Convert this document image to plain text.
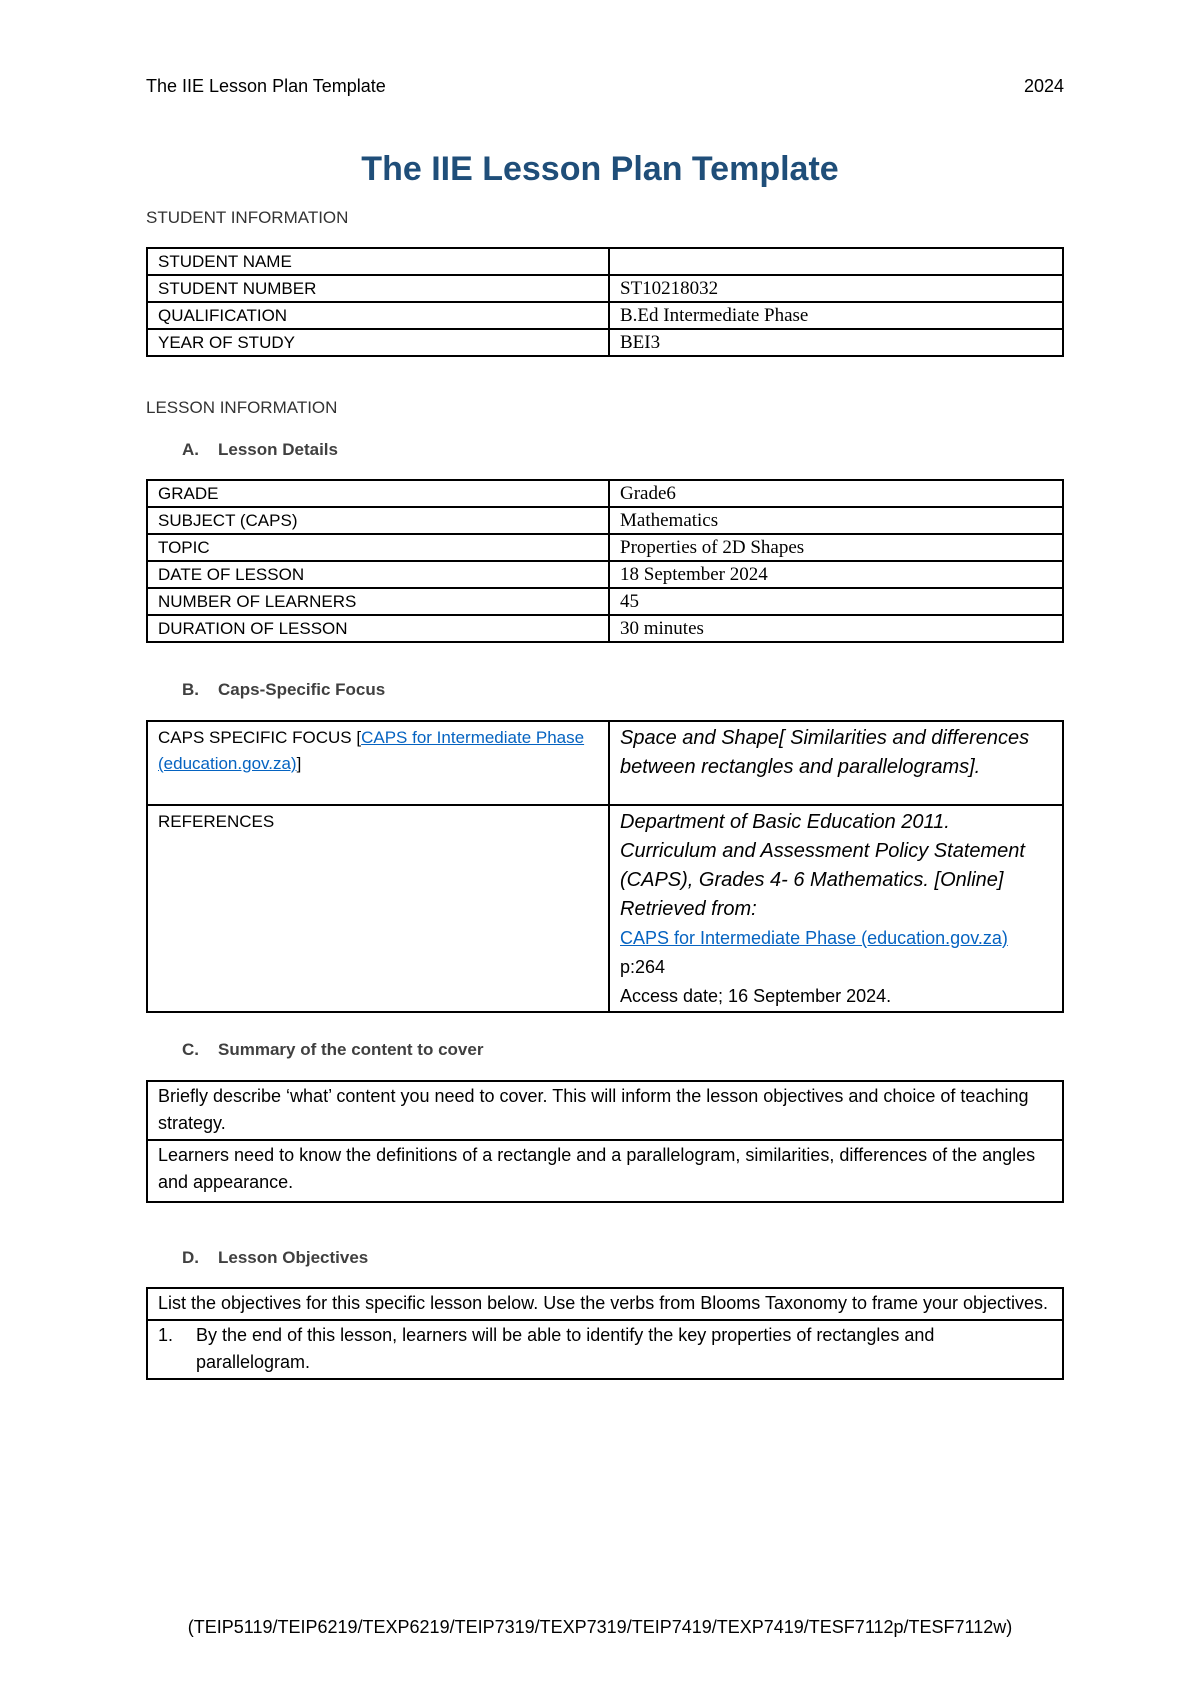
The IIE Lesson Plan Template	2024
The IIE Lesson Plan Template
STUDENT INFORMATION
STUDENT NAME	
STUDENT NUMBER	ST10218032
QUALIFICATION	B.Ed Intermediate Phase
YEAR OF STUDY	BEI3
LESSON INFORMATION
A. Lesson Details
GRADE	Grade6
SUBJECT (CAPS)	Mathematics
TOPIC	Properties of 2D Shapes
DATE OF LESSON	18 September 2024
NUMBER OF LEARNERS	45
DURATION OF LESSON	30 minutes
B. Caps-Specific Focus
CAPS SPECIFIC FOCUS [CAPS for Intermediate Phase (education.gov.za)]	Space and Shape[ Similarities and differences between rectangles and parallelograms].
REFERENCES	Department of Basic Education 2011. Curriculum and Assessment Policy Statement (CAPS), Grades 4- 6 Mathematics. [Online] Retrieved from:
CAPS for Intermediate Phase (education.gov.za) p:264
Access date; 16 September 2024.
C. Summary of the content to cover
Briefly describe ‘what’ content you need to cover. This will inform the lesson objectives and choice of teaching strategy.
Learners need to know the definitions of a rectangle and a parallelogram, similarities, differences of the angles and appearance.
D. Lesson Objectives
List the objectives for this specific lesson below. Use the verbs from Blooms Taxonomy to frame your objectives.

1.	By the end of this lesson, learners will be able to identify the key properties of rectangles and parallelogram.
(TEIP5119/TEIP6219/TEXP6219/TEIP7319/TEXP7319/TEIP7419/TEXP7419/TESF7112p/TESF7112w)
